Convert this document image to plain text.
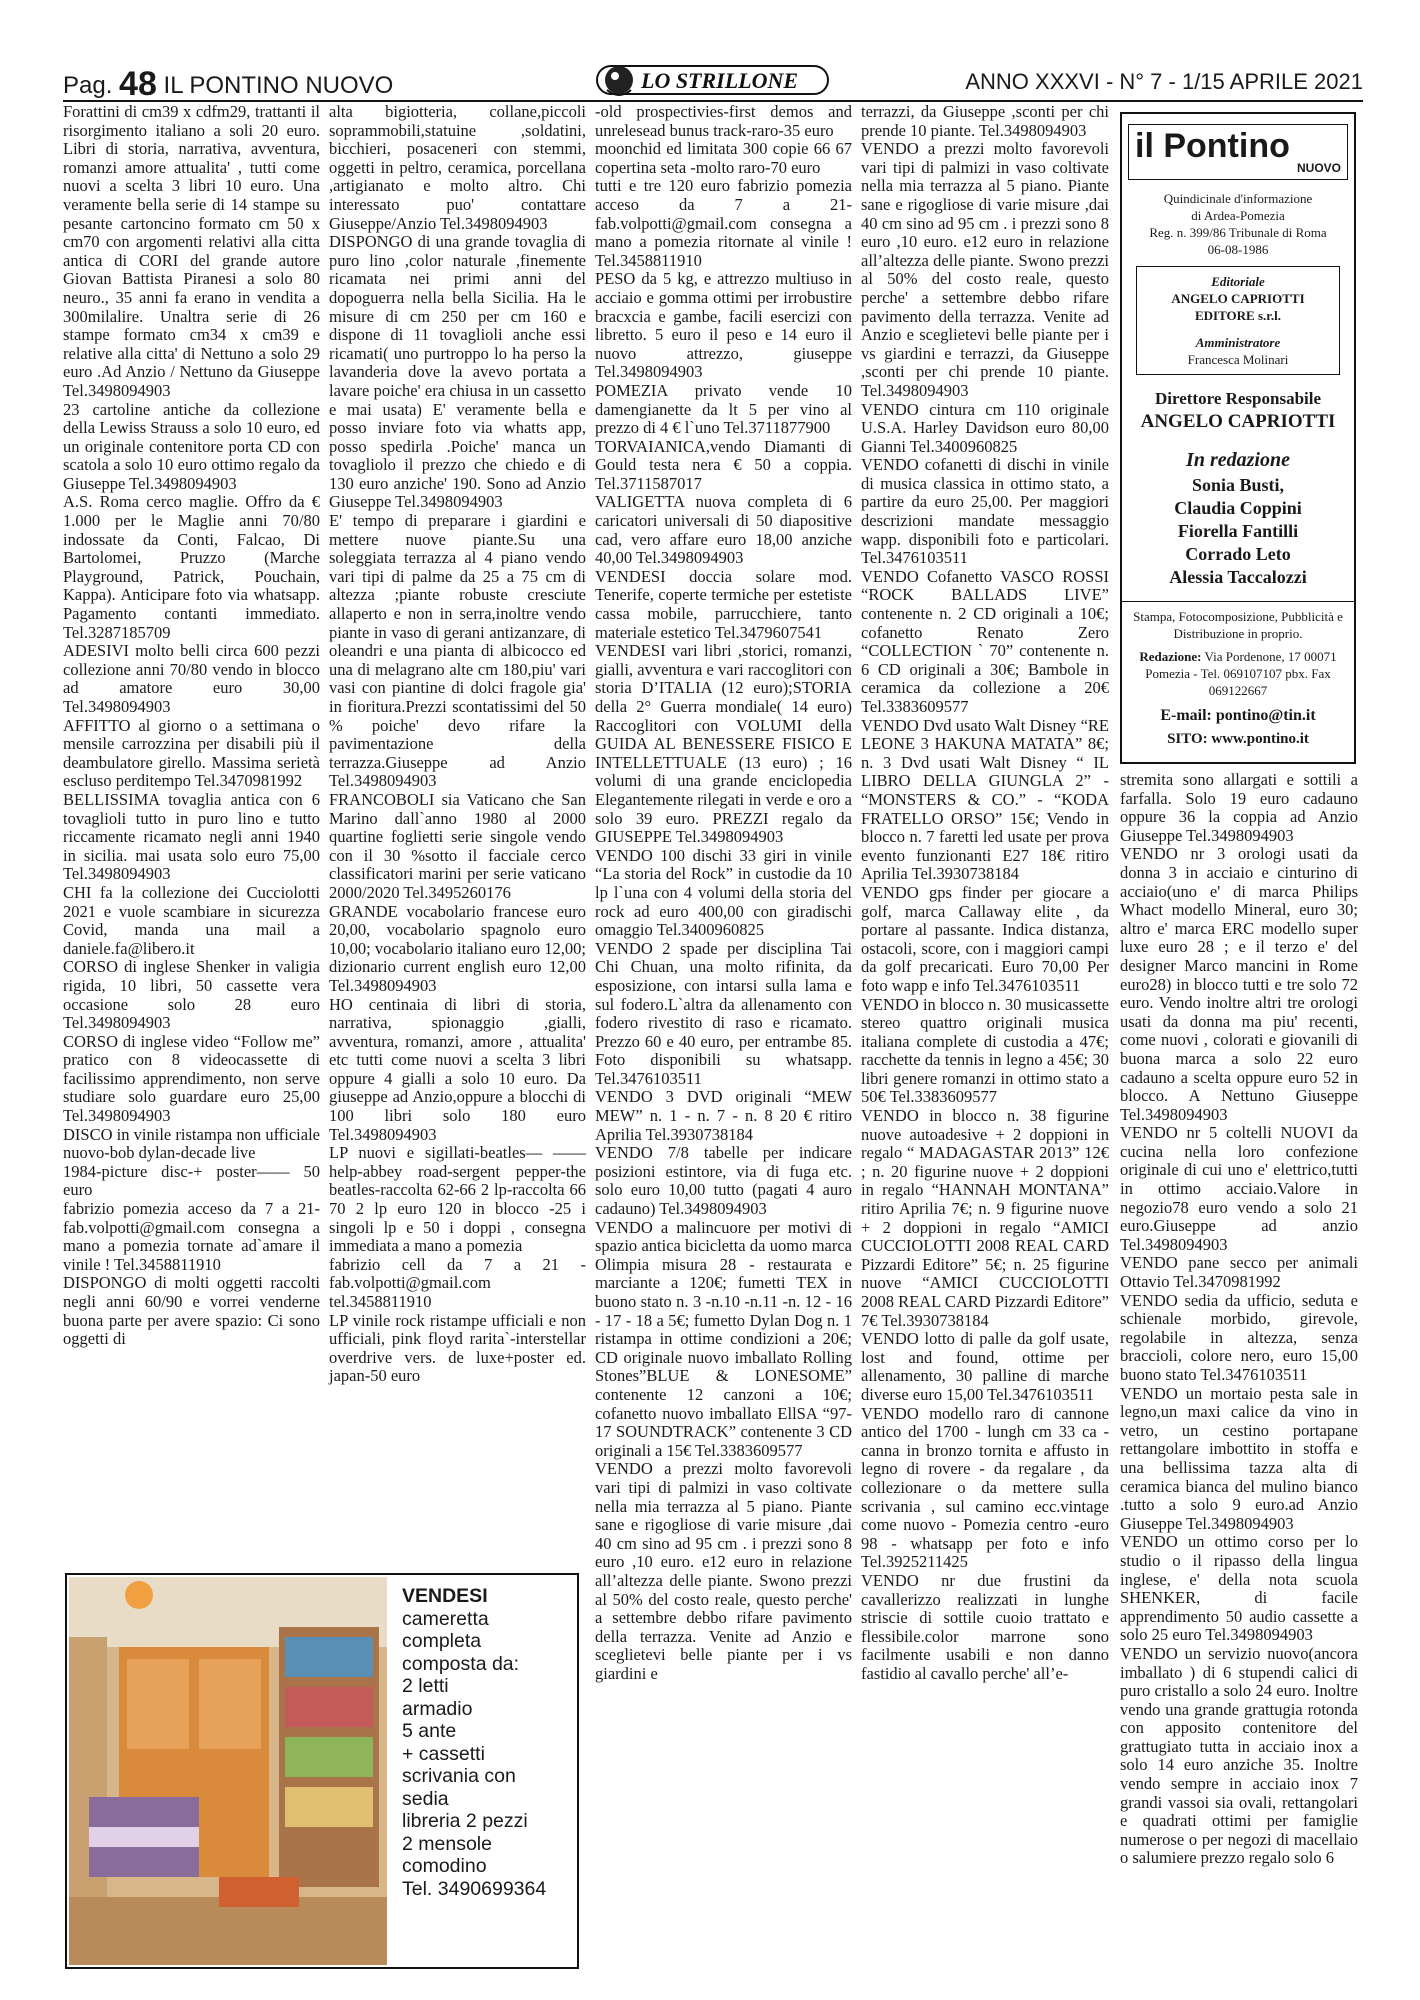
Pag. 48 IL PONTINO NUOVO	ANNO XXXVI - N° 7 - 1/15 APRILE 2021
LO STRILLONE

Forattini di cm39 x cdfm29, trattanti il risorgimento italiano a soli 20 euro. Libri di storia, narrativa, avventura, romanzi amore attualita' , tutti come nuovi a scelta 3 libri 10 euro. Una veramente bella serie di 14 stampe su pesante cartoncino formato cm 50 x cm70 con argomenti relativi alla citta antica di CORI del grande autore Giovan Battista Piranesi a solo 80 neuro., 35 anni fa erano in vendita a 300milalire. Unaltra serie di 26 stampe formato cm34 x cm39 e relative alla citta' di Nettuno a solo 29 euro .Ad Anzio / Nettuno da Giuseppe Tel.3498094903

23 cartoline antiche da collezione della Lewiss Strauss a solo 10 euro, ed un originale contenitore porta CD con scatola a solo 10 euro ottimo regalo da Giuseppe Tel.3498094903

A.S. Roma cerco maglie. Offro da € 1.000 per le Maglie anni 70/80 indossate da Conti, Falcao, Di Bartolomei, Pruzzo (Marche Playground, Patrick, Pouchain, Kappa). Anticipare foto via whatsapp. Pagamento contanti immediato. Tel.3287185709

ADESIVI molto belli circa 600 pezzi collezione anni 70/80 vendo in blocco ad amatore euro 30,00 Tel.3498094903

AFFITTO al giorno o a settimana o mensile carrozzina per disabili più il deambulatore girello. Massima serietà escluso perditempo Tel.3470981992

BELLISSIMA tovaglia antica con 6 tovaglioli tutto in puro lino e tutto riccamente ricamato negli anni 1940 in sicilia. mai usata solo euro 75,00 Tel.3498094903

CHI fa la collezione dei Cucciolotti 2021 e vuole scambiare in sicurezza Covid, manda una mail a daniele.fa@libero.it

CORSO di inglese Shenker in valigia rigida, 10 libri, 50 cassette vera occasione solo 28 euro Tel.3498094903

CORSO di inglese video “Follow me” pratico con 8 videocassette di facilissimo apprendimento, non serve studiare solo guardare euro 25,00 Tel.3498094903

DISCO in vinile ristampa non ufficiale nuovo-bob dylan-decade live

1984-picture disc-+ poster—— 50 euro

fabrizio pomezia acceso da 7 a 21-fab.volpotti@gmail.com consegna a mano a pomezia tornate ad`amare il vinile ! Tel.3458811910

DISPONGO di molti oggetti raccolti negli anni 60/90 e vorrei venderne buona parte per avere spazio: Ci sono oggetti di

alta bigiotteria, collane,piccoli soprammobili,statuine ,soldatini, bicchieri, posaceneri con stemmi, oggetti in peltro, ceramica, porcellana ,artigianato e molto altro. Chi interessato puo' contattare Giuseppe/Anzio Tel.3498094903

DISPONGO di una grande tovaglia di puro lino ,color naturale ,finemente ricamata nei primi anni del dopoguerra nella bella Sicilia. Ha le misure di cm 250 per cm 160 e dispone di 11 tovaglioli anche essi ricamati( uno purtroppo lo ha perso la lavanderia dove la avevo portata a lavare poiche' era chiusa in un cassetto e mai usata) E' veramente bella e posso inviare foto via whatts app, posso spedirla .Poiche' manca un tovagliolo il prezzo che chiedo e di 130 euro anziche' 190. Sono ad Anzio Giuseppe Tel.3498094903

E' tempo di preparare i giardini e mettere nuove piante.Su una soleggiata terrazza al 4 piano vendo vari tipi di palme da 25 a 75 cm di altezza ;piante robuste cresciute allaperto e non in serra,inoltre vendo piante in vaso di gerani antizanzare, di oleandri e una pianta di albicocco ed una di melagrano alte cm 180,piu' vari vasi con piantine di dolci fragole gia' in fioritura.Prezzi scontatissimi del 50 % poiche' devo rifare la pavimentazione della terrazza.Giuseppe ad Anzio Tel.3498094903

FRANCOBOLI sia Vaticano che San Marino dall`anno 1980 al 2000 quartine foglietti serie singole vendo con il 30 %sotto il facciale cerco classificatori marini per serie vaticano 2000/2020 Tel.3495260176

GRANDE vocabolario francese euro 20,00, vocabolario spagnolo euro 10,00; vocabolario italiano euro 12,00; dizionario current english euro 12,00 Tel.3498094903

HO centinaia di libri di storia, narrativa, spionaggio ,gialli, avventura, romanzi, amore , attualita' etc tutti come nuovi a scelta 3 libri oppure 4 gialli a solo 10 euro. Da giuseppe ad Anzio,oppure a blocchi di 100 libri solo 180 euro Tel.3498094903

LP nuovi e sigillati-beatles— ——help-abbey road-sergent pepper-the beatles-raccolta 62-66 2 lp-raccolta 66 70 2 lp euro 120 in blocco -25 i singoli lp e 50 i doppi , consegna immediata a mano a pomezia

fabrizio cell da 7 a 21 -fab.volpotti@gmail.com tel.3458811910

LP vinile rock ristampe ufficiali e non ufficiali, pink floyd rarita`-interstellar overdrive vers. de luxe+poster ed. japan-50 euro

-old prospectivies-first demos and unrelesead bunus track-raro-35 euro

moonchid ed limitata 300 copie 66 67 copertina seta -molto raro-70 euro

tutti e tre 120 euro fabrizio pomezia acceso da 7 a 21-fab.volpotti@gmail.com consegna a mano a pomezia ritornate al vinile ! Tel.3458811910

PESO da 5 kg, e attrezzo multiuso in acciaio e gomma ottimi per irrobustire bracxcia e gambe, facili esercizi con libretto. 5 euro il peso e 14 euro il nuovo attrezzo, giuseppe Tel.3498094903

POMEZIA privato vende 10 damengianette da lt 5 per vino al prezzo di 4 € l`uno Tel.3711877900

TORVAIANICA,vendo Diamanti di Gould testa nera € 50 a coppia. Tel.3711587017

VALIGETTA nuova completa di 6 caricatori universali di 50 diapositive cad, vero affare euro 18,00 anziche 40,00 Tel.3498094903

VENDESI doccia solare mod. Tenerife, coperte termiche per estetiste cassa mobile, parrucchiere, tanto materiale estetico Tel.3479607541

VENDESI vari libri ,storici, romanzi, gialli, avventura e vari raccoglitori con storia D’ITALIA (12 euro);STORIA della 2° Guerra mondiale( 14 euro) Raccoglitori con VOLUMI della GUIDA AL BENESSERE FISICO E INTELLETTUALE (13 euro) ; 16 volumi di una grande enciclopedia Elegantemente rilegati in verde e oro a solo 39 euro. PREZZI regalo da GIUSEPPE Tel.3498094903

VENDO 100 dischi 33 giri in vinile “La storia del Rock” in custodie da 10 lp l`una con 4 volumi della storia del rock ad euro 400,00 con giradischi omaggio Tel.3400960825

VENDO 2 spade per disciplina Tai Chi Chuan, una molto rifinita, da esposizione, con intarsi sulla lama e sul fodero.L`altra da allenamento con fodero rivestito di raso e ricamato. Prezzo 60 e 40 euro, per entrambe 85. Foto disponibili su whatsapp. Tel.3476103511

VENDO 3 DVD originali “MEW MEW” n. 1 - n. 7 - n. 8 20 € ritiro Aprilia Tel.3930738184

VENDO 7/8 tabelle per indicare posizioni estintore, via di fuga etc. solo euro 10,00 tutto (pagati 4 auro cadauno) Tel.3498094903

VENDO a malincuore per motivi di spazio antica bicicletta da uomo marca Olimpia misura 28 - restaurata e marciante a 120€; fumetti TEX in buono stato n. 3 -n.10 -n.11 -n. 12 - 16 - 17 - 18 a 5€; fumetto Dylan Dog n. 1 ristampa in ottime condizioni a 20€; CD originale nuovo imballato Rolling Stones”BLUE & LONESOME” contenente 12 canzoni a 10€; cofanetto nuovo imballato EllSA “97-17 SOUNDTRACK” contenente 3 CD originali a 15€ Tel.3383609577

VENDO a prezzi molto favorevoli vari tipi di palmizi in vaso coltivate nella mia terrazza al 5 piano. Piante sane e rigogliose di varie misure ,dai 40 cm sino ad 95 cm . i prezzi sono 8 euro ,10 euro. e12 euro in relazione all’altezza delle piante. Swono prezzi al 50% del costo reale, questo perche' a settembre debbo rifare pavimento della terrazza. Venite ad Anzio e sceglietevi belle piante per i vs giardini e

terrazzi, da Giuseppe ,sconti per chi prende 10 piante. Tel.3498094903

VENDO a prezzi molto favorevoli vari tipi di palmizi in vaso coltivate nella mia terrazza al 5 piano. Piante sane e rigogliose di varie misure ,dai 40 cm sino ad 95 cm . i prezzi sono 8 euro ,10 euro. e12 euro in relazione all’altezza delle piante. Swono prezzi al 50% del costo reale, questo perche' a settembre debbo rifare pavimento della terrazza. Venite ad Anzio e sceglietevi belle piante per i vs giardini e terrazzi, da Giuseppe ,sconti per chi prende 10 piante. Tel.3498094903

VENDO cintura cm 110 originale U.S.A. Harley Davidson euro 80,00 Gianni Tel.3400960825

VENDO cofanetti di dischi in vinile di musica classica in ottimo stato, a partire da euro 25,00. Per maggiori descrizioni mandate messaggio wapp. disponibili foto e particolari. Tel.3476103511

VENDO Cofanetto VASCO ROSSI “ROCK BALLADS LIVE” contenente n. 2 CD originali a 10€; cofanetto Renato Zero “COLLECTION ` 70” contenente n. 6 CD originali a 30€; Bambole in ceramica da collezione a 20€ Tel.3383609577

VENDO Dvd usato Walt Disney “RE LEONE 3 HAKUNA MATATA” 8€; n. 3 Dvd usati Walt Disney “ IL LIBRO DELLA GIUNGLA 2” - “MONSTERS & CO.” - “KODA FRATELLO ORSO” 15€; Vendo in blocco n. 7 faretti led usate per prova evento funzionanti E27 18€ ritiro Aprilia Tel.3930738184

VENDO gps finder per giocare a golf, marca Callaway elite , da portare al passante. Indica distanza, ostacoli, score, con i maggiori campi da golf precaricati. Euro 70,00 Per foto wapp e info Tel.3476103511

VENDO in blocco n. 30 musicassette stereo quattro originali musica italiana complete di custodia a 47€; racchette da tennis in legno a 45€; 30 libri genere romanzi in ottimo stato a 50€ Tel.3383609577

VENDO in blocco n. 38 figurine nuove autoadesive + 2 doppioni in regalo “ MADAGASTAR 2013” 12€ ; n. 20 figurine nuove + 2 doppioni in regalo “HANNAH MONTANA” ritiro Aprilia 7€; n. 9 figurine nuove + 2 doppioni in regalo “AMICI CUCCIOLOTTI 2008 REAL CARD Pizzardi Editore” 5€; n. 25 figurine nuove “AMICI CUCCIOLOTTI 2008 REAL CARD Pizzardi Editore” 7€ Tel.3930738184

VENDO lotto di palle da golf usate, lost and found, ottime per allenamento, 30 palline di marche diverse euro 15,00 Tel.3476103511

VENDO modello raro di cannone antico del 1700 - lungh cm 33 ca -canna in bronzo tornita e affusto in legno di rovere - da regalare , da collezionare o da mettere sulla scrivania , sul camino ecc.vintage come nuovo - Pomezia centro -euro 98 - whatsapp per foto e info Tel.3925211425

VENDO nr due frustini da cavallerizzo realizzati in lunghe striscie di sottile cuoio trattato e flessibile.color marrone sono facilmente usabili e non danno fastidio al cavallo perche' all’e-

stremita sono allargati e sottili a farfalla. Solo 19 euro cadauno oppure 36 la coppia ad Anzio Giuseppe Tel.3498094903

VENDO nr 3 orologi usati da donna 3 in acciaio e cinturino di acciaio(uno e' di marca Philips Whact modello Mineral, euro 30; altro e' marca ERC modello super luxe euro 28 ; e il terzo e' del designer Marco mancini in Rome euro28) in blocco tutti e tre solo 72 euro. Vendo inoltre altri tre orologi usati da donna ma piu' recenti, come nuovi , colorati e giovanili di buona marca a solo 22 euro cadauno a scelta oppure euro 52 in blocco. A Nettuno Giuseppe Tel.3498094903

VENDO nr 5 coltelli NUOVI da cucina nella loro confezione originale di cui uno e' elettrico,tutti in ottimo acciaio.Valore in negozio78 euro vendo a solo 21 euro.Giuseppe ad anzio Tel.3498094903

VENDO pane secco per animali Ottavio Tel.3470981992

VENDO sedia da ufficio, seduta e schienale morbido, girevole, regolabile in altezza, senza braccioli, colore nero, euro 15,00 buono stato Tel.3476103511

VENDO un mortaio pesta sale in legno,un maxi calice da vino in vetro, un cestino portapane rettangolare imbottito in stoffa e una bellissima tazza alta di ceramica bianca del mulino bianco .tutto a solo 9 euro.ad Anzio Giuseppe Tel.3498094903

VENDO un ottimo corso per lo studio o il ripasso della lingua inglese, e' della nota scuola SHENKER, di facile apprendimento 50 audio cassette a solo 25 euro Tel.3498094903

VENDO un servizio nuovo(ancora imballato ) di 6 stupendi calici di puro cristallo a solo 24 euro. Inoltre vendo una grande grattugia rotonda con apposito contenitore del grattugiato tutta in acciaio inox a solo 14 euro anziche 35. Inoltre vendo sempre in acciaio inox 7 grandi vassoi sia ovali, rettangolari e quadrati ottimi per famiglie numerose o per negozi di macellaio o salumiere prezzo regalo solo 6

il Pontino
NUOVO
Quindicinale d'informazione
di Ardea-Pomezia
Reg. n. 399/86 Tribunale di Roma
06-08-1986
Editoriale
ANGELO CAPRIOTTI EDITORE s.r.l.
Amministratore
Francesca Molinari
Direttore Responsabile
ANGELO CAPRIOTTI
In redazione
Sonia Busti,
Claudia Coppini
Fiorella Fantilli
Corrado Leto
Alessia Taccalozzi
Stampa, Fotocomposizione, Pubblicità e Distribuzione in proprio.
Redazione: Via Pordenone, 17 00071 Pomezia - Tel. 069107107 pbx. Fax 069122667
E-mail: pontino@tin.it
SITO: www.pontino.it
VENDESI
cameretta
completa
composta da:
2 letti
armadio
5 ante
+ cassetti
scrivania con
sedia
libreria 2 pezzi
2 mensole
comodino
Tel. 3490699364
